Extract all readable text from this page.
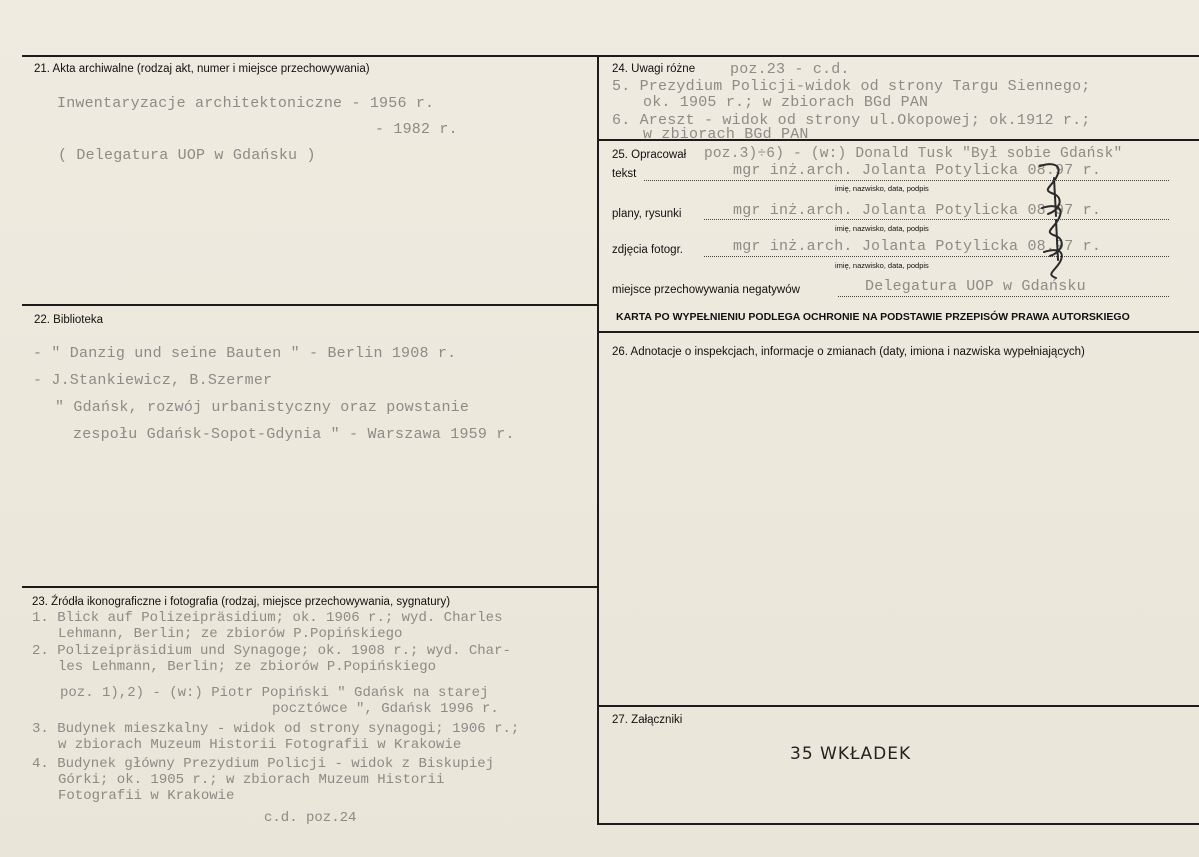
21. Akta archiwalne (rodzaj akt, numer i miejsce przechowywania)
Inwentaryzacje architektoniczne - 1956 r.
- 1982 r.
( Delegatura UOP w Gdańsku )
22. Biblioteka
- " Danzig und seine Bauten " - Berlin 1908 r.
- J.Stankiewicz, B.Szermer
" Gdańsk, rozwój urbanistyczny oraz powstanie
zespołu Gdańsk-Sopot-Gdynia " - Warszawa 1959 r.
23. Źródła ikonograficzne i fotografia (rodzaj, miejsce przechowywania, sygnatury)
1. Blick auf Polizeipräsidium; ok. 1906 r.; wyd. Charles
Lehmann, Berlin; ze zbiorów P.Popińskiego
2. Polizeipräsidium und Synagoge; ok. 1908 r.; wyd. Char-
les Lehmann, Berlin; ze zbiorów P.Popińskiego
poz. 1),2) - (w:) Piotr Popiński " Gdańsk na starej
pocztówce ", Gdańsk 1996 r.
3. Budynek mieszkalny - widok od strony synagogi; 1906 r.;
w zbiorach Muzeum Historii Fotografii w Krakowie
4. Budynek główny Prezydium Policji - widok z Biskupiej
Górki; ok. 1905 r.; w zbiorach Muzeum Historii
Fotografii w Krakowie
c.d. poz.24
24. Uwagi różne poz.23 - c.d.
5. Prezydium Policji-widok od strony Targu Siennego;
ok. 1905 r.; w zbiorach BGd PAN
6. Areszt - widok od strony ul.Okopowej; ok.1912 r.;
w zbiorach BGd PAN
25. Opracował poz.3)÷6) - (w:) Donald Tusk "Był sobie Gdańsk"
tekst	mgr inż.arch. Jolanta Potylicka 08.97 r.
imię, nazwisko, data, podpis
plany, rysunki	mgr inż.arch. Jolanta Potylicka 08.97 r.
imię, nazwisko, data, podpis
zdjęcia fotogr.	mgr inż.arch. Jolanta Potylicka 08.97 r.
imię, nazwisko, data, podpis
miejsce przechowywania negatywów	Delegatura UOP w Gdańsku
KARTA PO WYPEŁNIENIU PODLEGA OCHRONIE NA PODSTAWIE PRZEPISÓW PRAWA AUTORSKIEGO
26. Adnotacje o inspekcjach, informacje o zmianach (daty, imiona i nazwiska wypełniających)
27. Załączniki
35 WKŁADEK
